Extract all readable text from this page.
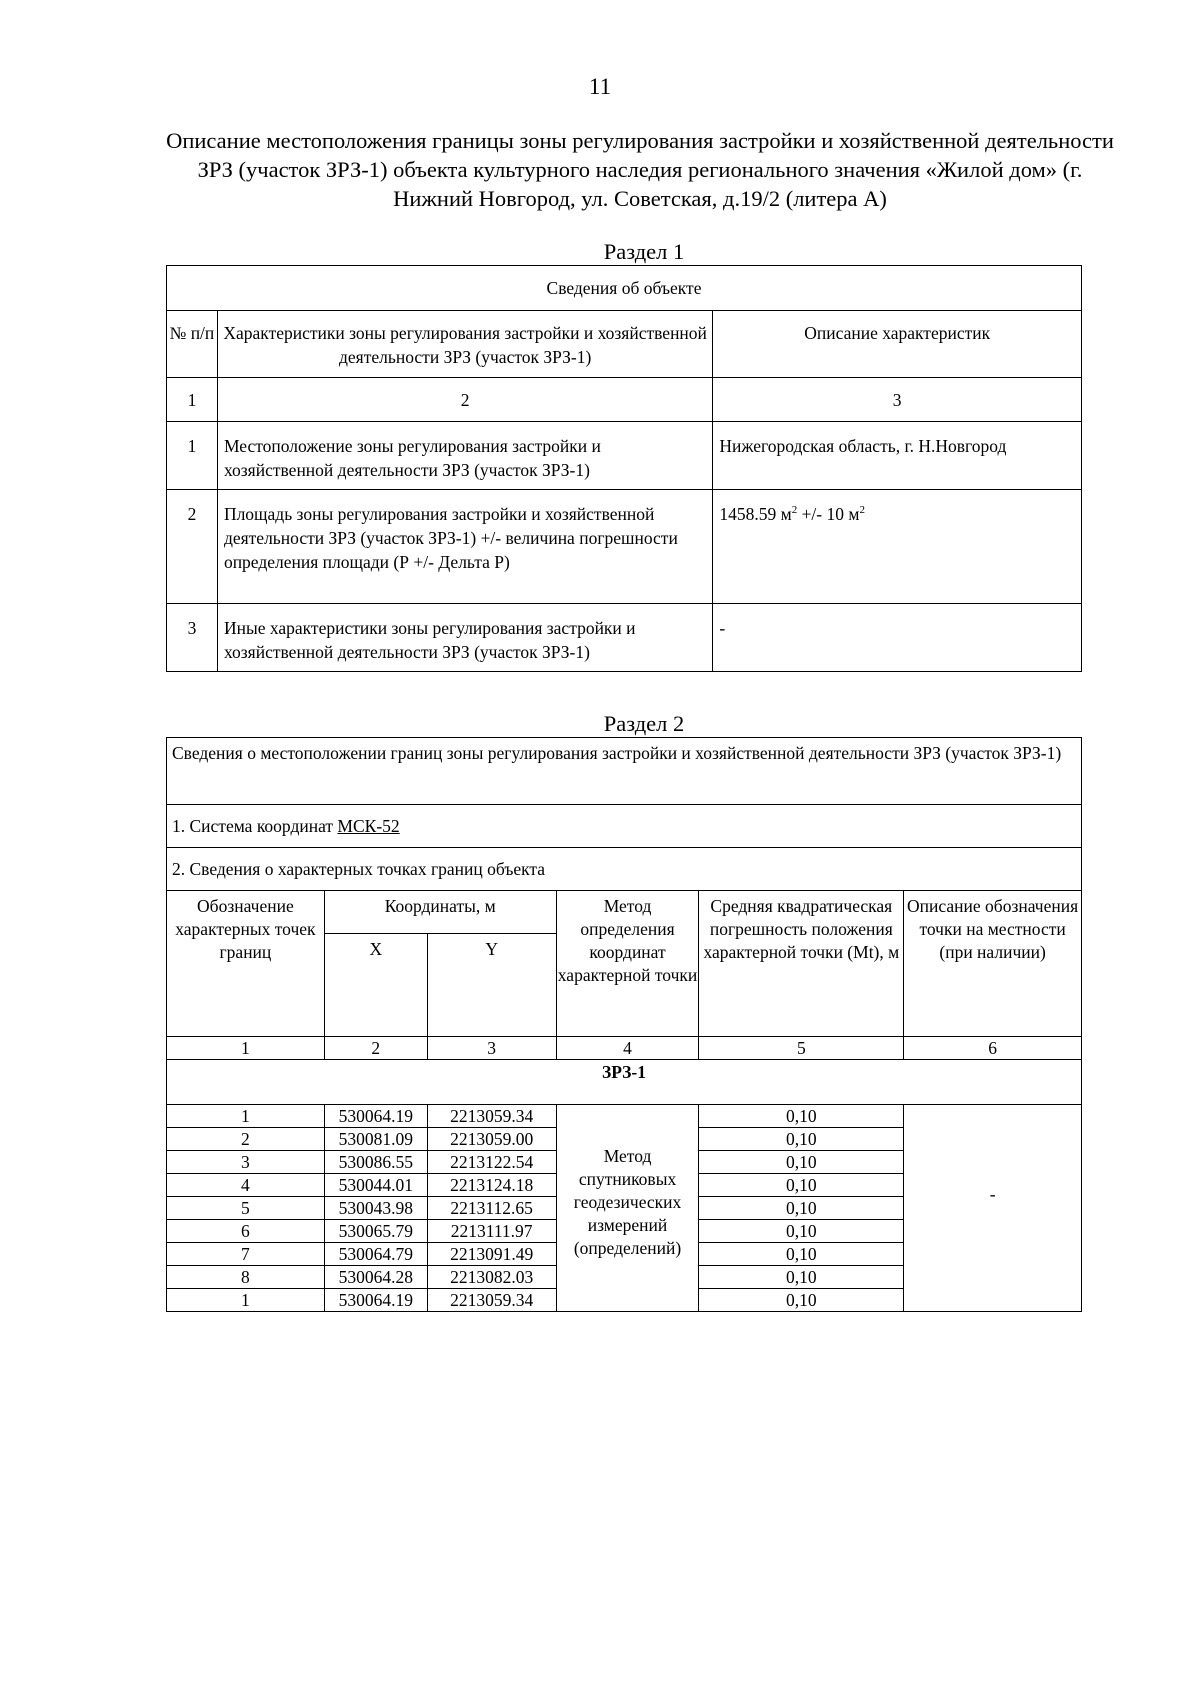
11
Описание местоположения границы зоны регулирования застройки и хозяйственной деятельности ЗРЗ (участок ЗРЗ-1) объекта культурного наследия регионального значения «Жилой дом» (г. Нижний Новгород, ул. Советская, д.19/2 (литера А)
Раздел 1
Сведения об объекте		
№ п/п	Характеристики зоны регулирования застройки и хозяйственной деятельности ЗРЗ (участок ЗРЗ-1)	Описание характеристик
1	2	3
1	Местоположение зоны регулирования застройки и хозяйственной деятельности ЗРЗ (участок ЗРЗ-1)	Нижегородская область, г. Н.Новгород
2	Площадь зоны регулирования застройки и хозяйственной деятельности ЗРЗ (участок ЗРЗ-1) +/- величина погрешности определения площади (Р +/- Дельта Р)	1458.59 $м^2$ +/- 10 $м^2$
3	Иные характеристики зоны регулирования застройки и хозяйственной деятельности ЗРЗ (участок ЗРЗ-1)	-
Раздел 2
Сведения о местоположении границ зоны регулирования застройки и хозяйственной деятельности ЗРЗ (участок ЗРЗ-1)					
1. Система координат МСК-52					
2. Сведения о характерных точках границ объекта					
Обозначение характерных точек границ	Координаты, м		Метод определения координат характерной точки	Средняя квадратическая погрешность положения характерной точки (Mt), м	Описание обозначения точки на местности (при наличии)
	X	Y			
1	2	3	4	5	6
ЗРЗ-1					
1	530064.19	2213059.34	Метод спутниковых геодезических измерений (определений)	0,10	-
2	530081.09	2213059.00		0,10	
3	530086.55	2213122.54		0,10	
4	530044.01	2213124.18		0,10	
5	530043.98	2213112.65		0,10	
6	530065.79	2213111.97		0,10	
7	530064.79	2213091.49		0,10	
8	530064.28	2213082.03		0,10	
1	530064.19	2213059.34		0,10	
